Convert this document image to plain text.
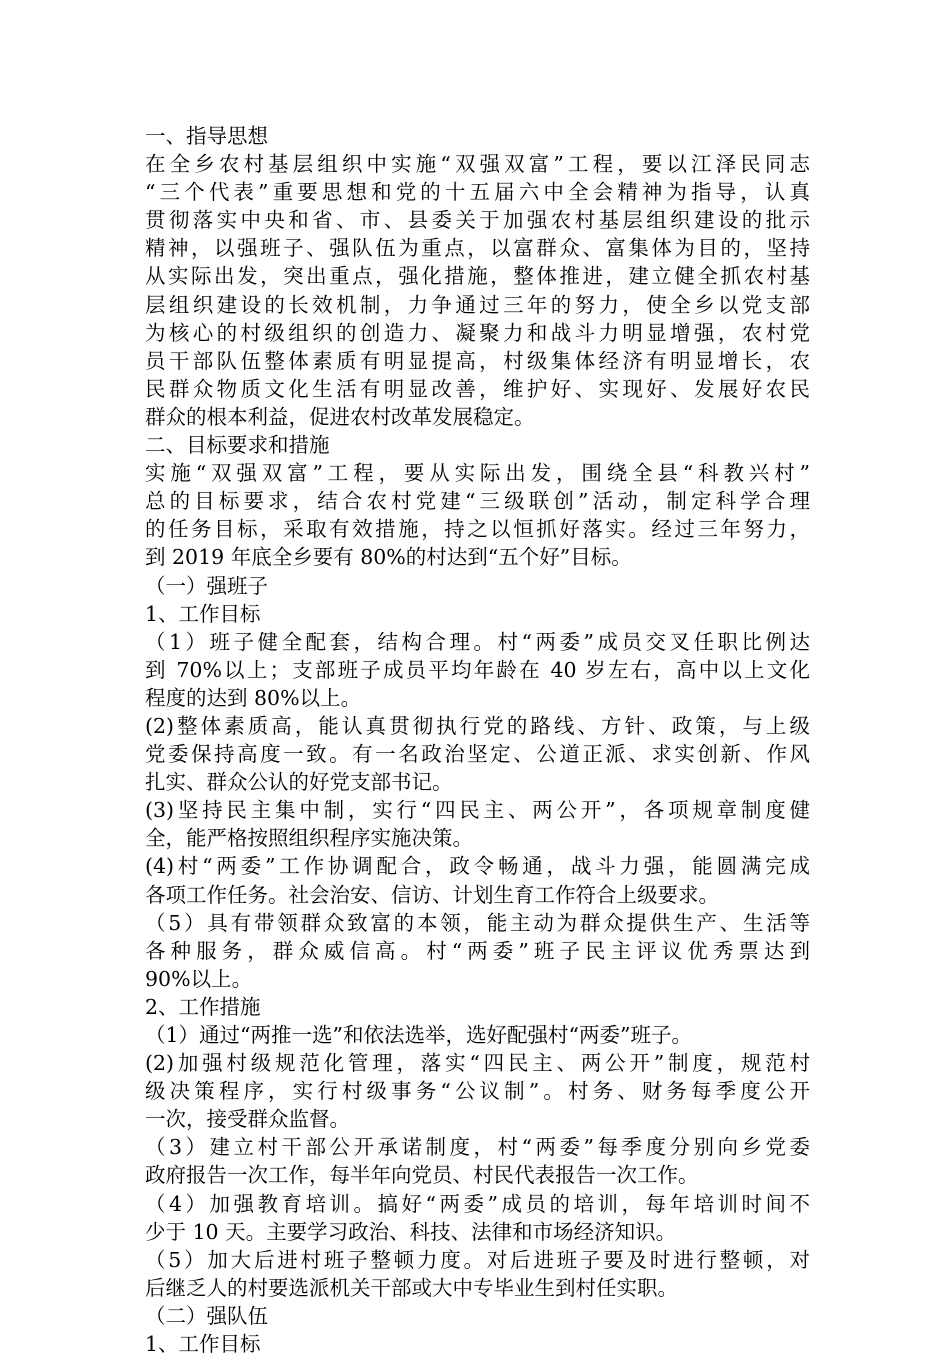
一、指导思想
在全乡农村基层组织中实施“双强双富”工程，要以江泽民同志
“三个代表”重要思想和党的十五届六中全会精神为指导，认真
贯彻落实中央和省、市、县委关于加强农村基层组织建设的批示
精神，以强班子、强队伍为重点，以富群众、富集体为目的，坚持
从实际出发，突出重点，强化措施，整体推进，建立健全抓农村基
层组织建设的长效机制，力争通过三年的努力，使全乡以党支部
为核心的村级组织的创造力、凝聚力和战斗力明显增强，农村党
员干部队伍整体素质有明显提高，村级集体经济有明显增长，农
民群众物质文化生活有明显改善，维护好、实现好、发展好农民
群众的根本利益，促进农村改革发展稳定。
二、目标要求和措施
实施“双强双富”工程，要从实际出发，围绕全县“科教兴村”
总的目标要求，结合农村党建“三级联创”活动，制定科学合理
的任务目标，采取有效措施，持之以恒抓好落实。经过三年努力，
到 2019 年底全乡要有 80%的村达到“五个好”目标。
（一）强班子
1、工作目标
（1）班子健全配套，结构合理。村“两委”成员交叉任职比例达
到 70%以上；支部班子成员平均年龄在 40 岁左右，高中以上文化
程度的达到 80%以上。
(2)整体素质高，能认真贯彻执行党的路线、方针、政策，与上级
党委保持高度一致。有一名政治坚定、公道正派、求实创新、作风
扎实、群众公认的好党支部书记。
(3)坚持民主集中制，实行“四民主、两公开”，各项规章制度健
全，能严格按照组织程序实施决策。
(4)村“两委”工作协调配合，政令畅通，战斗力强，能圆满完成
各项工作任务。社会治安、信访、计划生育工作符合上级要求。
（5）具有带领群众致富的本领，能主动为群众提供生产、生活等
各种服务，群众威信高。村“两委”班子民主评议优秀票达到
90%以上。
2、工作措施
（1）通过“两推一选”和依法选举，选好配强村“两委”班子。
(2)加强村级规范化管理，落实“四民主、两公开”制度，规范村
级决策程序，实行村级事务“公议制”。村务、财务每季度公开
一次，接受群众监督。
（3）建立村干部公开承诺制度，村“两委”每季度分别向乡党委
政府报告一次工作，每半年向党员、村民代表报告一次工作。
（4）加强教育培训。搞好“两委”成员的培训，每年培训时间不
少于 10 天。主要学习政治、科技、法律和市场经济知识。
（5）加大后进村班子整顿力度。对后进班子要及时进行整顿，对
后继乏人的村要选派机关干部或大中专毕业生到村任实职。
（二）强队伍
1、工作目标
